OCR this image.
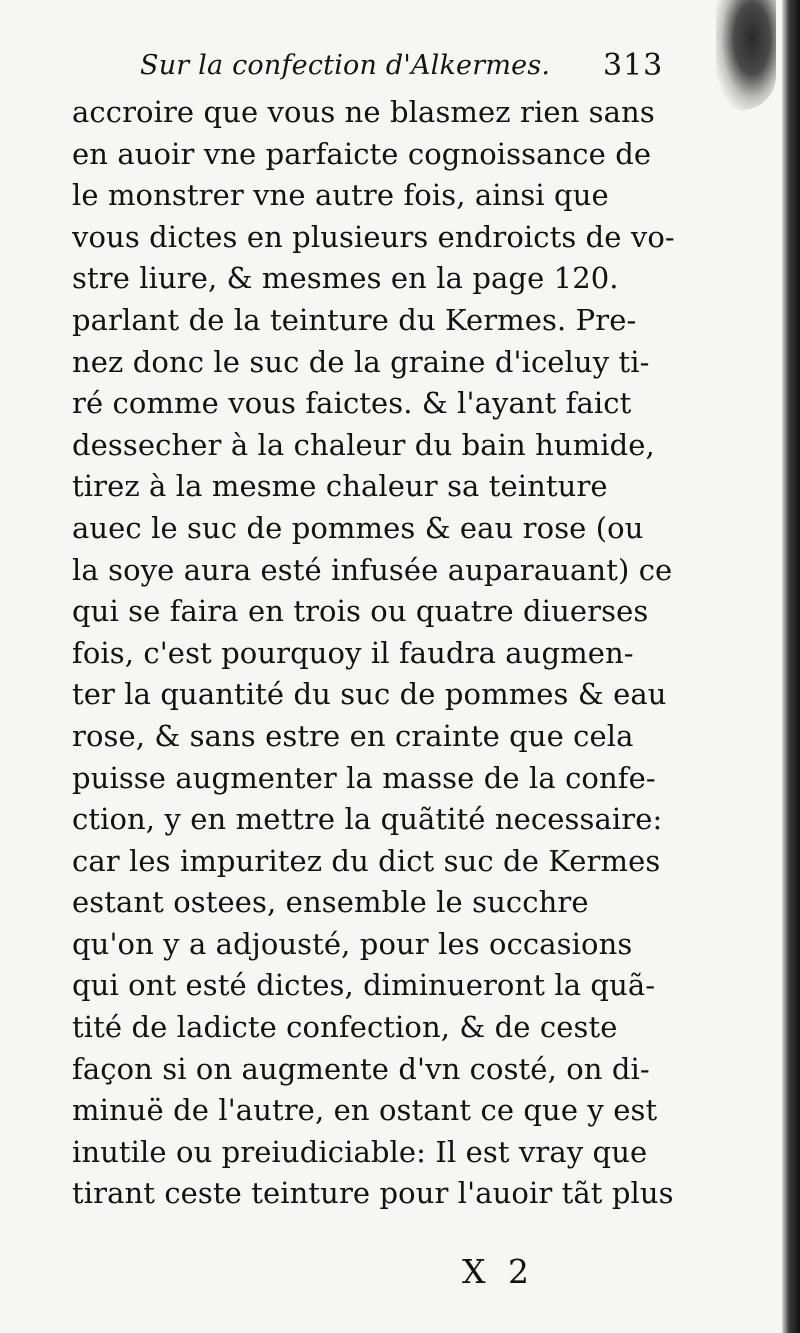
Sur la confection d'Alkermes. 313
accroire que vous ne blasmez rien sans
en auoir vne parfaicte cognoissance de
le monstrer vne autre fois, ainsi que
vous dictes en plusieurs endroicts de vo-
stre liure, & mesmes en la page 120.
parlant de la teinture du Kermes. Pre-
nez donc le suc de la graine d'iceluy ti-
ré comme vous faictes. & l'ayant faict
dessecher à la chaleur du bain humide,
tirez à la mesme chaleur sa teinture
auec le suc de pommes & eau rose (ou
la soye aura esté infusée auparauant) ce
qui se faira en trois ou quatre diuerses
fois, c'est pourquoy il faudra augmen-
ter la quantité du suc de pommes & eau
rose, & sans estre en crainte que cela
puisse augmenter la masse de la confe-
ction, y en mettre la quãtité necessaire:
car les impuritez du dict suc de Kermes
estant ostees, ensemble le succhre
qu'on y a adjousté, pour les occasions
qui ont esté dictes, diminueront la quã-
tité de ladicte confection, & de ceste
façon si on augmente d'vn costé, on di-
minuë de l'autre, en ostant ce que y est
inutile ou preiudiciable: Il est vray que
tirant ceste teinture pour l'auoir tãt plus
X 2
